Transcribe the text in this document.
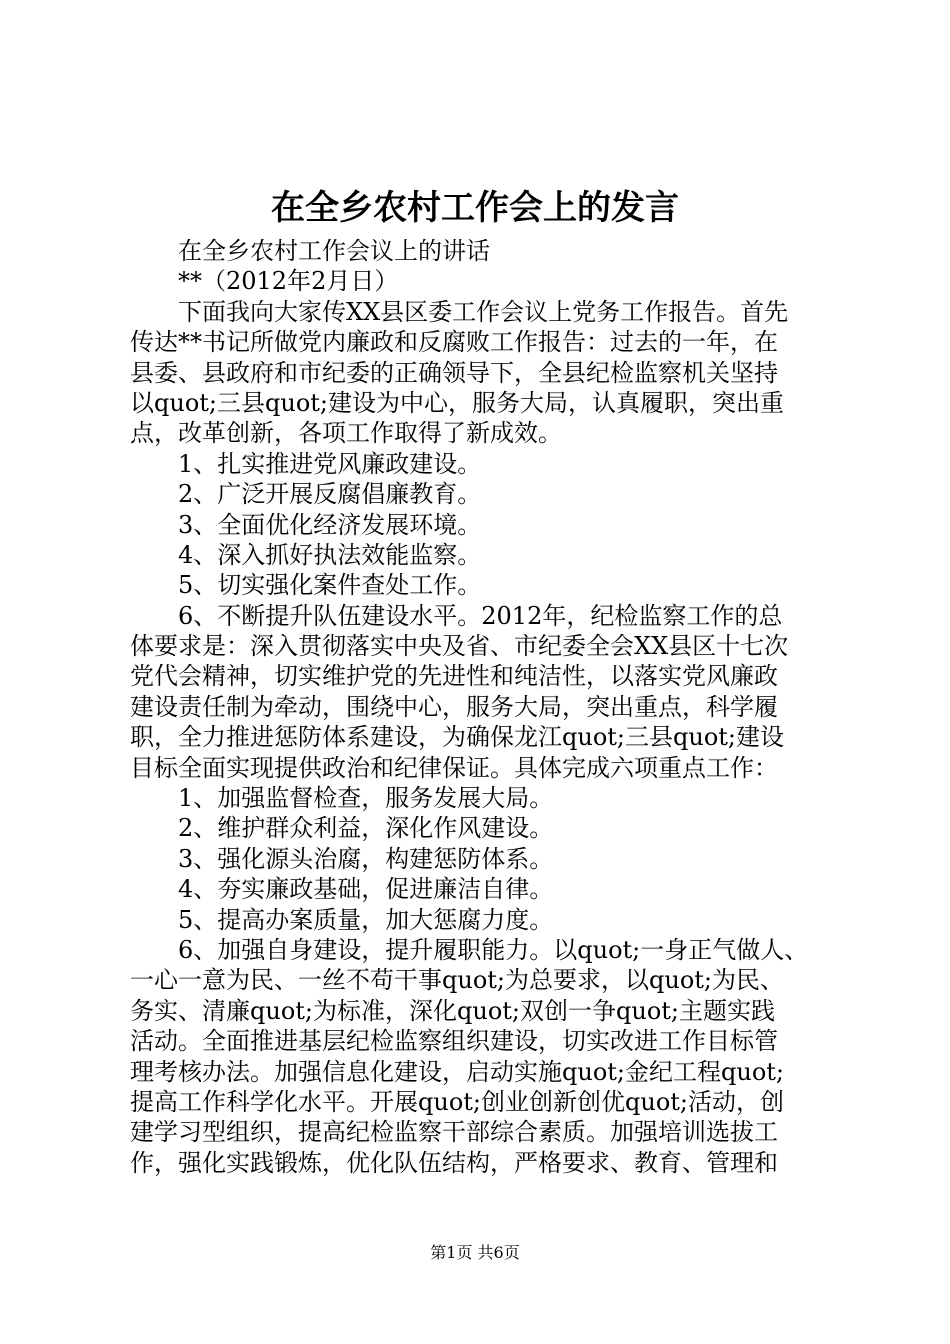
在全乡农村工作会上的发言
在全乡农村工作会议上的讲话
**（2012年2月日）
下面我向大家传XX县区委工作会议上党务工作报告。首先
传达**书记所做党内廉政和反腐败工作报告：过去的一年，在
县委、县政府和市纪委的正确领导下，全县纪检监察机关坚持
以quot;三县quot;建设为中心，服务大局，认真履职，突出重
点，改革创新，各项工作取得了新成效。
1、扎实推进党风廉政建设。
2、广泛开展反腐倡廉教育。
3、全面优化经济发展环境。
4、深入抓好执法效能监察。
5、切实强化案件查处工作。
6、不断提升队伍建设水平。2012年，纪检监察工作的总
体要求是：深入贯彻落实中央及省、市纪委全会XX县区十七次
党代会精神，切实维护党的先进性和纯洁性，以落实党风廉政
建设责任制为牵动，围绕中心，服务大局，突出重点，科学履
职，全力推进惩防体系建设，为确保龙江quot;三县quot;建设
目标全面实现提供政治和纪律保证。具体完成六项重点工作：
1、加强监督检查，服务发展大局。
2、维护群众利益，深化作风建设。
3、强化源头治腐，构建惩防体系。
4、夯实廉政基础，促进廉洁自律。
5、提高办案质量，加大惩腐力度。
6、加强自身建设，提升履职能力。以quot;一身正气做人、
一心一意为民、一丝不苟干事quot;为总要求，以quot;为民、
务实、清廉quot;为标准，深化quot;双创一争quot;主题实践
活动。全面推进基层纪检监察组织建设，切实改进工作目标管
理考核办法。加强信息化建设，启动实施quot;金纪工程quot;
提高工作科学化水平。开展quot;创业创新创优quot;活动，创
建学习型组织，提高纪检监察干部综合素质。加强培训选拔工
作，强化实践锻炼，优化队伍结构，严格要求、教育、管理和
第1页 共6页
